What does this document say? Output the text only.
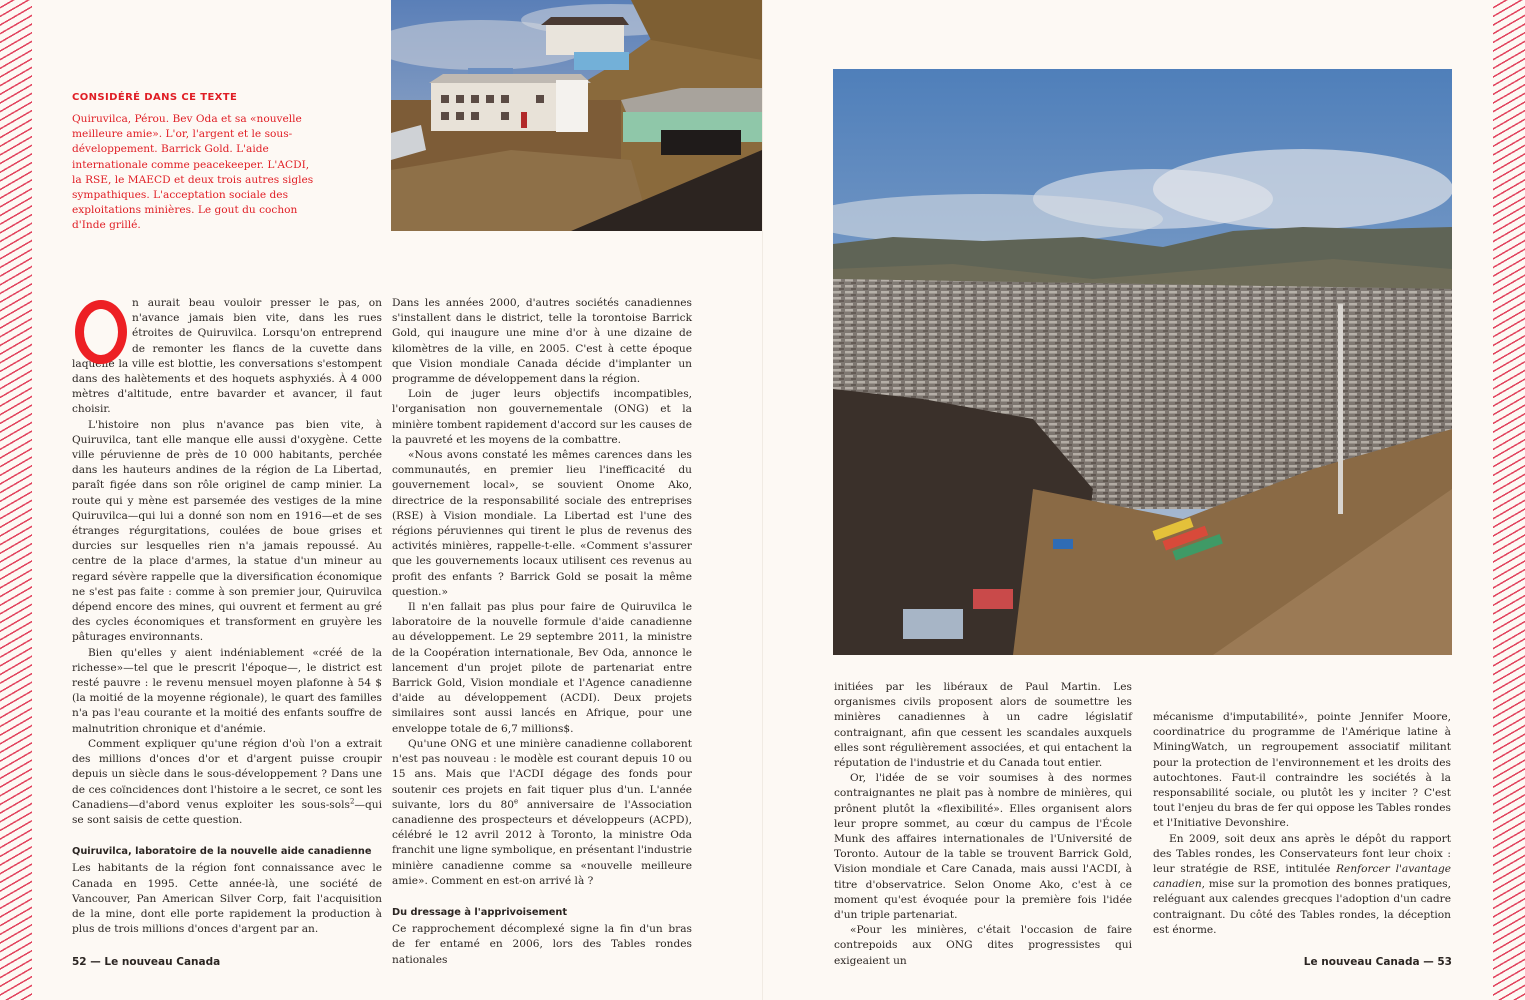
CONSIDÉRÉ DANS CE TEXTE
Quiruvilca, Pérou. Bev Oda et sa «nouvelle meilleure amie». L'or, l'argent et le sous-développement. Barrick Gold. L'aide internationale comme peacekeeper. L'ACDI, la RSE, le MAECD et deux trois autres sigles sympathiques. L'acceptation sociale des exploitations minières. Le gout du cochon d'Inde grillé.

n aurait beau vouloir presser le pas, on n'avance jamais bien vite, dans les rues étroites de Quiruvilca. Lorsqu'on entreprend de remonter les flancs de la cuvette dans laquelle la ville est blottie, les conversations s'estompent dans des halètements et des hoquets asphyxiés. À 4 000 mètres d'altitude, entre bavarder et avancer, il faut choisir.

L'histoire non plus n'avance pas bien vite, à Quiruvilca, tant elle manque elle aussi d'oxygène. Cette ville péruvienne de près de 10 000 habitants, perchée dans les hauteurs andines de la région de La Libertad, paraît figée dans son rôle originel de camp minier. La route qui y mène est parsemée des vestiges de la mine Quiruvilca—qui lui a donné son nom en 1916—et de ses étranges régurgitations, coulées de boue grises et durcies sur lesquelles rien n'a jamais repoussé. Au centre de la place d'armes, la statue d'un mineur au regard sévère rappelle que la diversification économique ne s'est pas faite : comme à son premier jour, Quiruvilca dépend encore des mines, qui ouvrent et ferment au gré des cycles économiques et transforment en gruyère les pâturages environnants.

Bien qu'elles y aient indéniablement «créé de la richesse»—tel que le prescrit l'époque—, le district est resté pauvre : le revenu mensuel moyen plafonne à 54 $ (la moitié de la moyenne régionale), le quart des familles n'a pas l'eau courante et la moitié des enfants souffre de malnutrition chronique et d'anémie.

Comment expliquer qu'une région d'où l'on a extrait des millions d'onces d'or et d'argent puisse croupir depuis un siècle dans le sous-développement ? Dans une de ces coïncidences dont l'histoire a le secret, ce sont les Canadiens—d'abord venus exploiter les sous-sols$^2$—qui se sont saisis de cette question.

Quiruvilca, laboratoire de la nouvelle aide canadienne

Les habitants de la région font connaissance avec le Canada en 1995. Cette année-là, une société de Vancouver, Pan American Silver Corp, fait l'acquisition de la mine, dont elle porte rapidement la production à plus de trois millions d'onces d'argent par an.

Dans les années 2000, d'autres sociétés canadiennes s'installent dans le district, telle la torontoise Barrick Gold, qui inaugure une mine d'or à une dizaine de kilomètres de la ville, en 2005. C'est à cette époque que Vision mondiale Canada décide d'implanter un programme de développement dans la région.

Loin de juger leurs objectifs incompatibles, l'organisation non gouvernementale (ONG) et la minière tombent rapidement d'accord sur les causes de la pauvreté et les moyens de la combattre.

«Nous avons constaté les mêmes carences dans les communautés, en premier lieu l'inefficacité du gouvernement local», se souvient Onome Ako, directrice de la responsabilité sociale des entreprises (RSE) à Vision mondiale. La Libertad est l'une des régions péruviennes qui tirent le plus de revenus des activités minières, rappelle-t-elle. «Comment s'assurer que les gouvernements locaux utilisent ces revenus au profit des enfants ? Barrick Gold se posait la même question.»

Il n'en fallait pas plus pour faire de Quiruvilca le laboratoire de la nouvelle formule d'aide canadienne au développement. Le 29 septembre 2011, la ministre de la Coopération internationale, Bev Oda, annonce le lancement d'un projet pilote de partenariat entre Barrick Gold, Vision mondiale et l'Agence canadienne d'aide au développement (ACDI). Deux projets similaires sont aussi lancés en Afrique, pour une enveloppe totale de 6,7 millions$.

Qu'une ONG et une minière canadienne collaborent n'est pas nouveau : le modèle est courant depuis 10 ou 15 ans. Mais que l'ACDI dégage des fonds pour soutenir ces projets en fait tiquer plus d'un. L'année suivante, lors du 80e anniversaire de l'Association canadienne des prospecteurs et développeurs (ACPD), célébré le 12 avril 2012 à Toronto, la ministre Oda franchit une ligne symbolique, en présentant l'industrie minière canadienne comme sa «nouvelle meilleure amie». Comment en est-on arrivé là ?

Du dressage à l'apprivoisement

Ce rapprochement décomplexé signe la fin d'un bras de fer entamé en 2006, lors des Tables rondes nationales

initiées par les libéraux de Paul Martin. Les organismes civils proposent alors de soumettre les minières canadiennes à un cadre législatif contraignant, afin que cessent les scandales auxquels elles sont régulièrement associées, et qui entachent la réputation de l'industrie et du Canada tout entier.

Or, l'idée de se voir soumises à des normes contraignantes ne plait pas à nombre de minières, qui prônent plutôt la «flexibilité». Elles organisent alors leur propre sommet, au cœur du campus de l'École Munk des affaires internationales de l'Université de Toronto. Autour de la table se trouvent Barrick Gold, Vision mondiale et Care Canada, mais aussi l'ACDI, à titre d'observatrice. Selon Onome Ako, c'est à ce moment qu'est évoquée pour la première fois l'idée d'un triple partenariat.

«Pour les minières, c'était l'occasion de faire contrepoids aux ONG dites progressistes qui exigeaient un

mécanisme d'imputabilité», pointe Jennifer Moore, coordinatrice du programme de l'Amérique latine à MiningWatch, un regroupement associatif militant pour la protection de l'environnement et les droits des autochtones. Faut-il contraindre les sociétés à la responsabilité sociale, ou plutôt les y inciter ? C'est tout l'enjeu du bras de fer qui oppose les Tables rondes et l'Initiative Devonshire.

En 2009, soit deux ans après le dépôt du rapport des Tables rondes, les Conservateurs font leur choix : leur stratégie de RSE, intitulée Renforcer l'avantage canadien, mise sur la promotion des bonnes pratiques, reléguant aux calendes grecques l'adoption d'un cadre contraignant. Du côté des Tables rondes, la déception est énorme.

52 — Le nouveau Canada	Le nouveau Canada — 53
